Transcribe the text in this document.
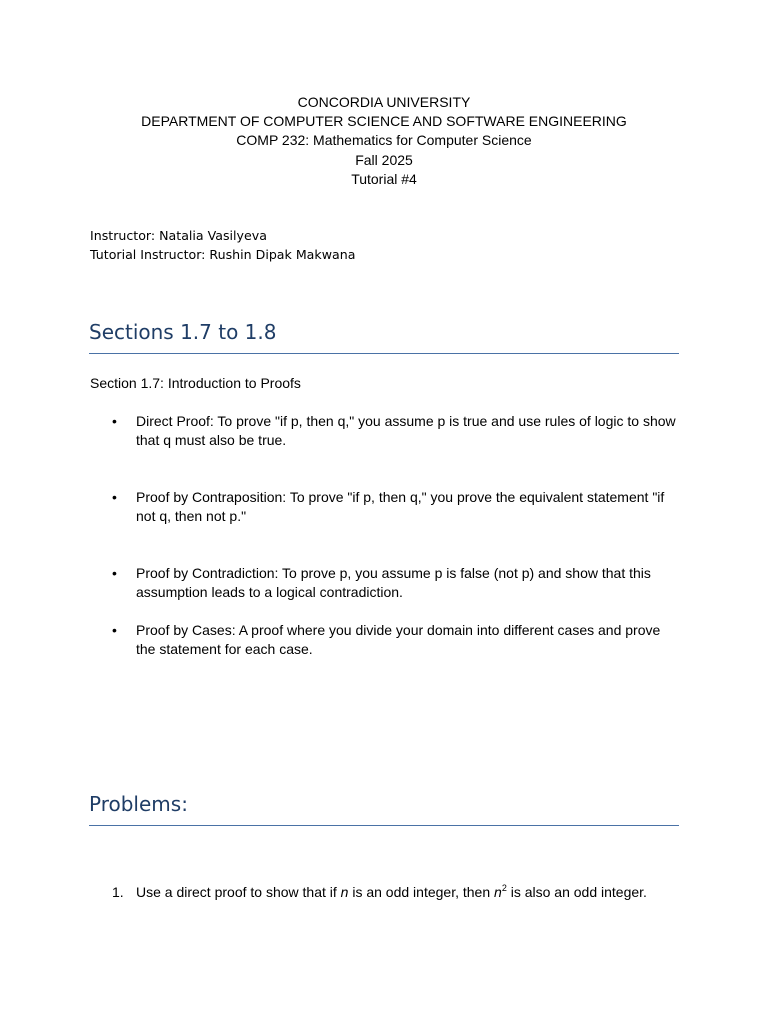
CONCORDIA UNIVERSITY
DEPARTMENT OF COMPUTER SCIENCE AND SOFTWARE ENGINEERING
COMP 232: Mathematics for Computer Science
Fall 2025
Tutorial #4
Instructor: Natalia Vasilyeva
Tutorial Instructor: Rushin Dipak Makwana
Sections 1.7 to 1.8
Section 1.7: Introduction to Proofs
•	Direct Proof: To prove "if p, then q," you assume p is true and use rules of logic to show that q must also be true.
•	Proof by Contraposition: To prove "if p, then q," you prove the equivalent statement "if not q, then not p."
•	Proof by Contradiction: To prove p, you assume p is false (not p) and show that this assumption leads to a logical contradiction.
•	Proof by Cases: A proof where you divide your domain into different cases and prove the statement for each case.
Problems:
1. Use a direct proof to show that if n is an odd integer, then $n^2$ is also an odd integer.
